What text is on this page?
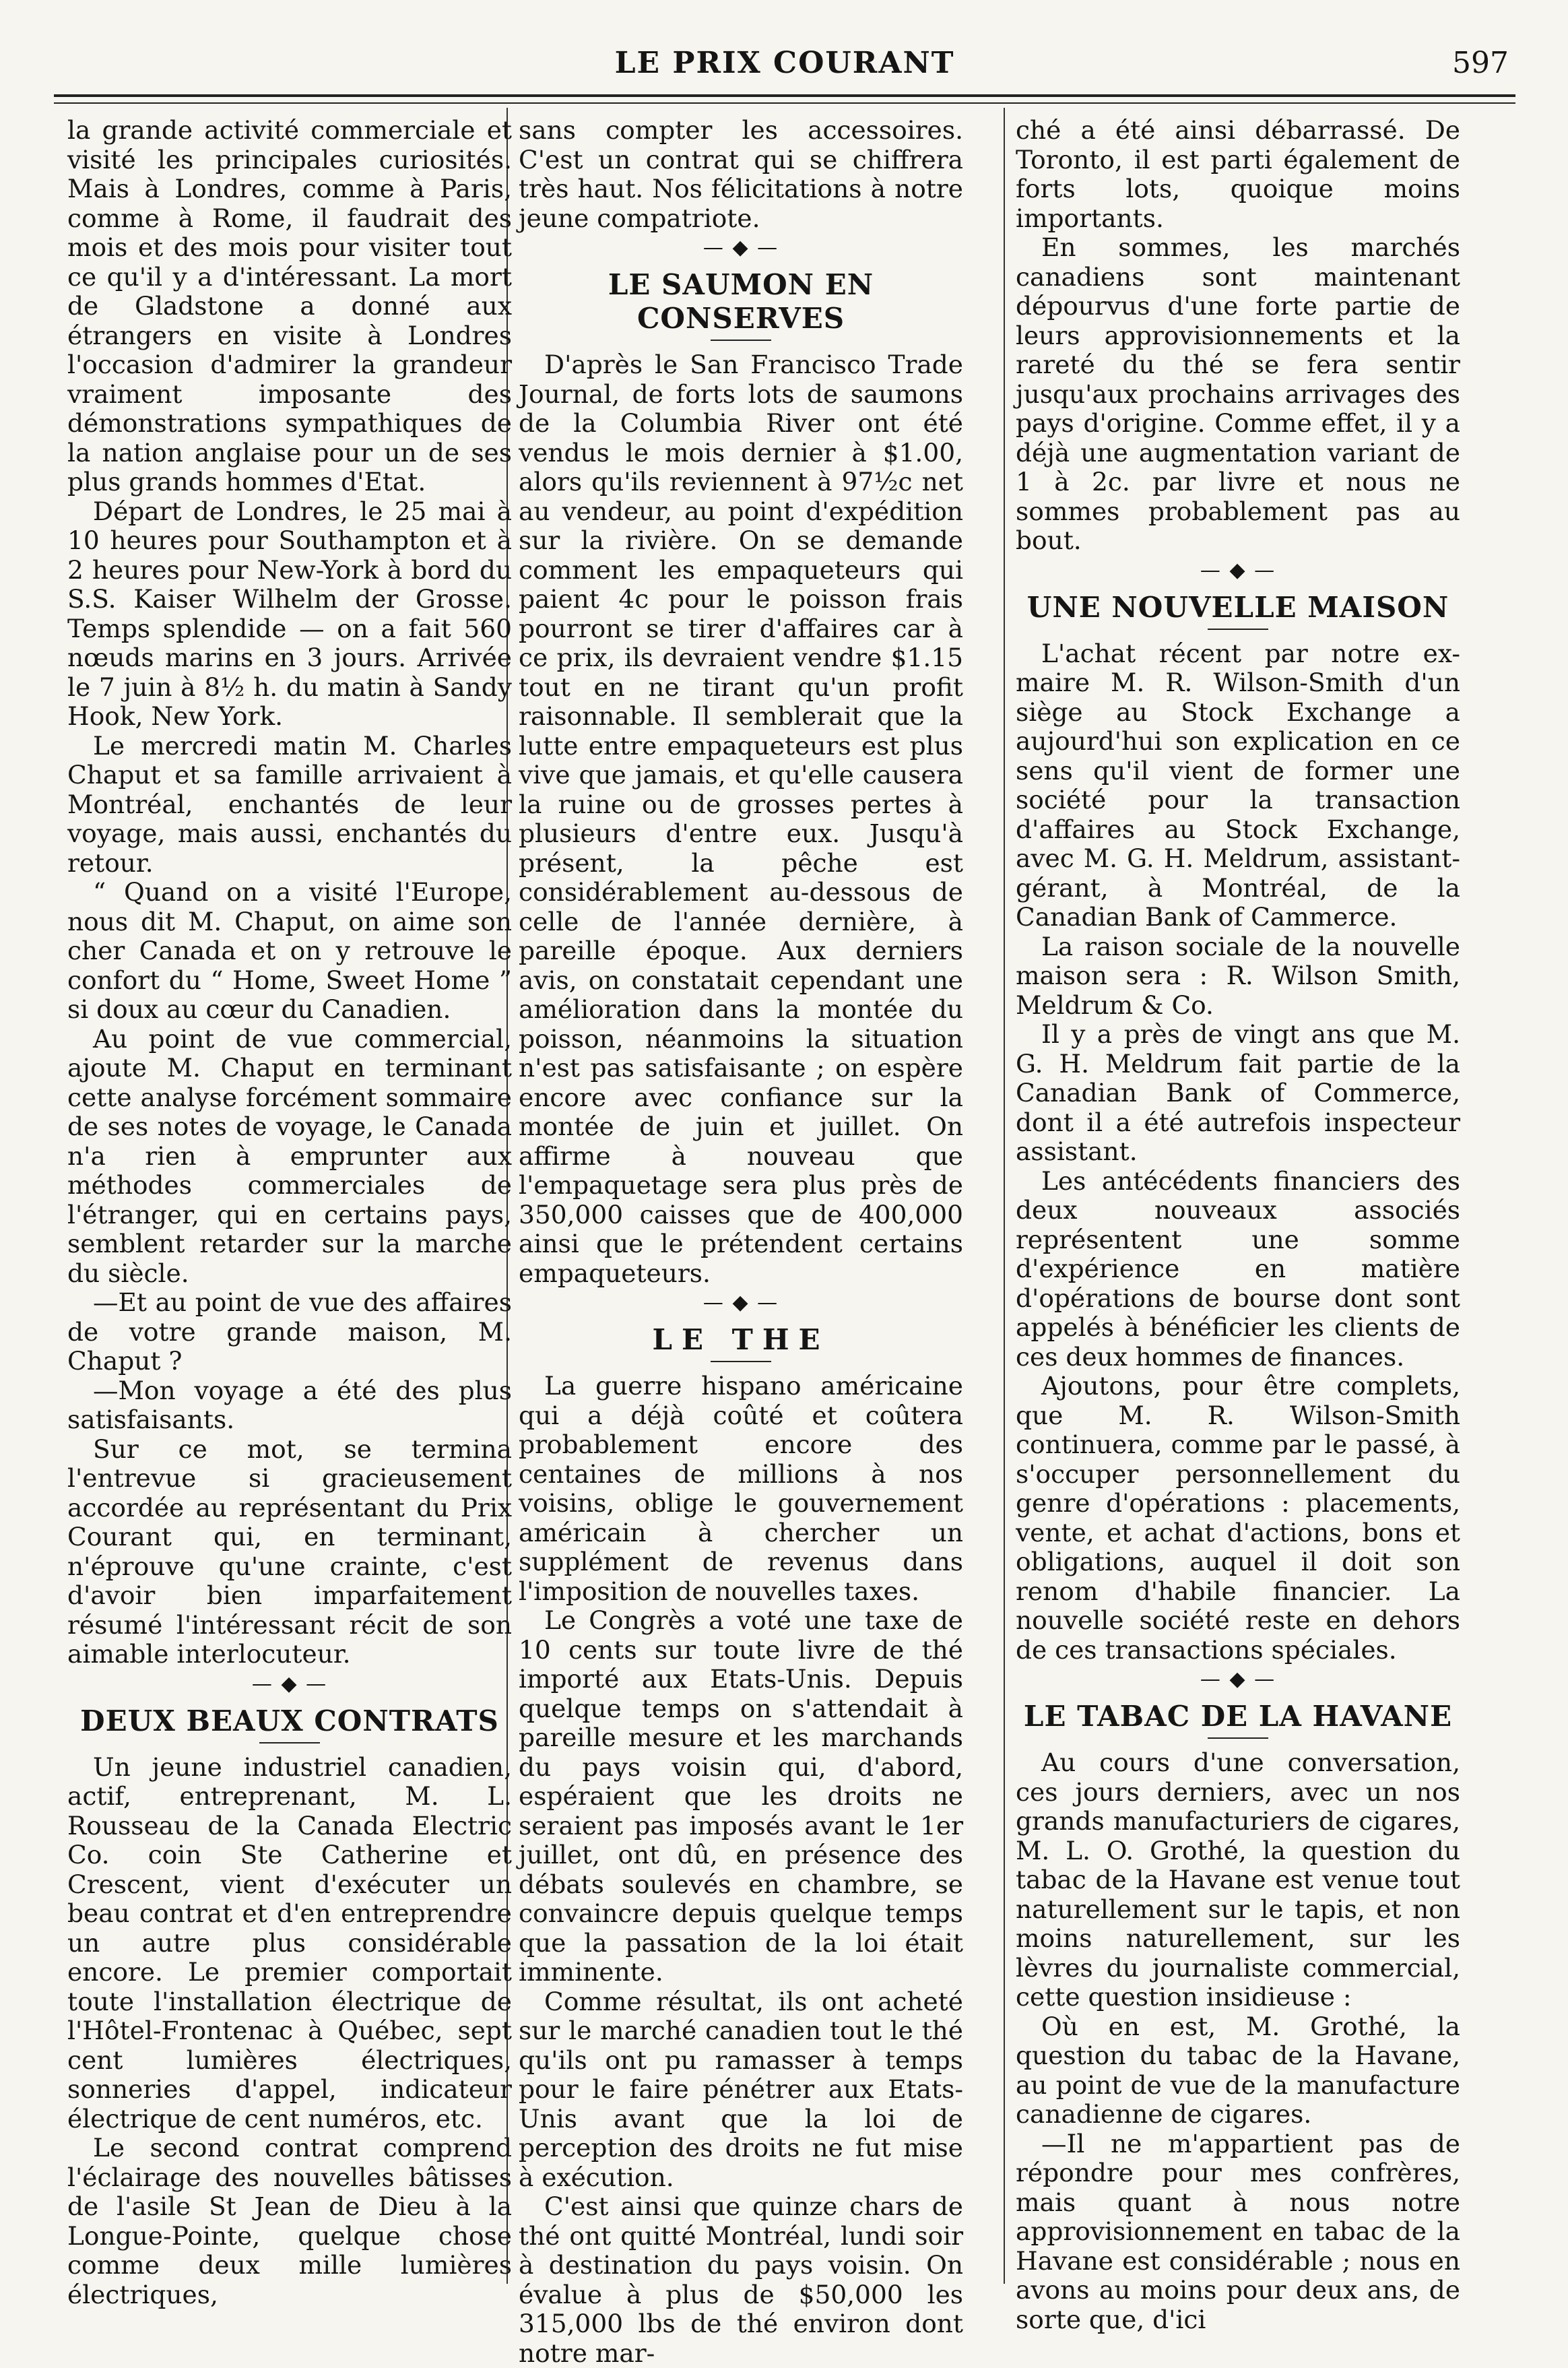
LE PRIX COURANT	597

la grande activité commerciale et visité les principales curiosités. Mais à Londres, comme à Paris, comme à Rome, il faudrait des mois et des mois pour visiter tout ce qu'il y a d'intéressant. La mort de Gladstone a donné aux étrangers en visite à Londres l'occasion d'admirer la grandeur vraiment imposante des démonstrations sympathiques de la nation anglaise pour un de ses plus grands hommes d'Etat.

Départ de Londres, le 25 mai à 10 heures pour Southampton et à 2 heures pour New-York à bord du S.S. Kaiser Wilhelm der Grosse. Temps splendide — on a fait 560 nœuds marins en 3 jours. Arrivée le 7 juin à 8½ h. du matin à Sandy Hook, New York.

Le mercredi matin M. Charles Chaput et sa famille arrivaient à Montréal, enchantés de leur voyage, mais aussi, enchantés du retour.

“ Quand on a visité l'Europe, nous dit M. Chaput, on aime son cher Canada et on y retrouve le confort du “ Home, Sweet Home ” si doux au cœur du Canadien.

Au point de vue commercial, ajoute M. Chaput en terminant cette analyse forcément sommaire de ses notes de voyage, le Canada n'a rien à emprunter aux méthodes commerciales de l'étranger, qui en certains pays, semblent retarder sur la marche du siècle.

—Et au point de vue des affaires de votre grande maison, M. Chaput ?

—Mon voyage a été des plus satisfaisants.

Sur ce mot, se termina l'entrevue si gracieusement accordée au représentant du Prix Courant qui, en terminant, n'éprouve qu'une crainte, c'est d'avoir bien imparfaitement résumé l'intéressant récit de son aimable interlocuteur.

— ◆ —
DEUX BEAUX CONTRATS

Un jeune industriel canadien, actif, entreprenant, M. L. Rousseau de la Canada Electric Co. coin Ste Catherine et Crescent, vient d'exécuter un beau contrat et d'en entreprendre un autre plus considérable encore. Le premier comportait toute l'installation électrique de l'Hôtel-Frontenac à Québec, sept cent lumières électriques, sonneries d'appel, indicateur électrique de cent numéros, etc.

Le second contrat comprend l'éclairage des nouvelles bâtisses de l'asile St Jean de Dieu à la Longue-Pointe, quelque chose comme deux mille lumières électriques,

sans compter les accessoires. C'est un contrat qui se chiffrera très haut. Nos félicitations à notre jeune compatriote.

— ◆ —
LE SAUMON EN CONSERVES

D'après le San Francisco Trade Journal, de forts lots de saumons de la Columbia River ont été vendus le mois dernier à $1.00, alors qu'ils reviennent à 97½c net au vendeur, au point d'expédition sur la rivière. On se demande comment les empaqueteurs qui paient 4c pour le poisson frais pourront se tirer d'affaires car à ce prix, ils devraient vendre $1.15 tout en ne tirant qu'un profit raisonnable. Il semblerait que la lutte entre empaqueteurs est plus vive que jamais, et qu'elle causera la ruine ou de grosses pertes à plusieurs d'entre eux. Jusqu'à présent, la pêche est considérablement au-dessous de celle de l'année dernière, à pareille époque. Aux derniers avis, on constatait cependant une amélioration dans la montée du poisson, néanmoins la situation n'est pas satisfaisante ; on espère encore avec confiance sur la montée de juin et juillet. On affirme à nouveau que l'empaquetage sera plus près de 350,000 caisses que de 400,000 ainsi que le prétendent certains empaqueteurs.

— ◆ —
LE THE

La guerre hispano américaine qui a déjà coûté et coûtera probablement encore des centaines de millions à nos voisins, oblige le gouvernement américain à chercher un supplément de revenus dans l'imposition de nouvelles taxes.

Le Congrès a voté une taxe de 10 cents sur toute livre de thé importé aux Etats-Unis. Depuis quelque temps on s'attendait à pareille mesure et les marchands du pays voisin qui, d'abord, espéraient que les droits ne seraient pas imposés avant le 1er juillet, ont dû, en présence des débats soulevés en chambre, se convaincre depuis quelque temps que la passation de la loi était imminente.

Comme résultat, ils ont acheté sur le marché canadien tout le thé qu'ils ont pu ramasser à temps pour le faire pénétrer aux Etats-Unis avant que la loi de perception des droits ne fut mise à exécution.

C'est ainsi que quinze chars de thé ont quitté Montréal, lundi soir à destination du pays voisin. On évalue à plus de $50,000 les 315,000 lbs de thé environ dont notre mar-

ché a été ainsi débarrassé. De Toronto, il est parti également de forts lots, quoique moins importants.

En sommes, les marchés canadiens sont maintenant dépourvus d'une forte partie de leurs approvisionnements et la rareté du thé se fera sentir jusqu'aux prochains arrivages des pays d'origine. Comme effet, il y a déjà une augmentation variant de 1 à 2c. par livre et nous ne sommes probablement pas au bout.

— ◆ —
UNE NOUVELLE MAISON

L'achat récent par notre ex-maire M. R. Wilson-Smith d'un siège au Stock Exchange a aujourd'hui son explication en ce sens qu'il vient de former une société pour la transaction d'affaires au Stock Exchange, avec M. G. H. Meldrum, assistant-gérant, à Montréal, de la Canadian Bank of Cammerce.

La raison sociale de la nouvelle maison sera : R. Wilson Smith, Meldrum & Co.

Il y a près de vingt ans que M. G. H. Meldrum fait partie de la Canadian Bank of Commerce, dont il a été autrefois inspecteur assistant.

Les antécédents financiers des deux nouveaux associés représentent une somme d'expérience en matière d'opérations de bourse dont sont appelés à bénéficier les clients de ces deux hommes de finances.

Ajoutons, pour être complets, que M. R. Wilson-Smith continuera, comme par le passé, à s'occuper personnellement du genre d'opérations : placements, vente, et achat d'actions, bons et obligations, auquel il doit son renom d'habile financier. La nouvelle société reste en dehors de ces transactions spéciales.

— ◆ —
LE TABAC DE LA HAVANE

Au cours d'une conversation, ces jours derniers, avec un nos grands manufacturiers de cigares, M. L. O. Grothé, la question du tabac de la Havane est venue tout naturellement sur le tapis, et non moins naturellement, sur les lèvres du journaliste commercial, cette question insidieuse :

Où en est, M. Grothé, la question du tabac de la Havane, au point de vue de la manufacture canadienne de cigares.

—Il ne m'appartient pas de répondre pour mes confrères, mais quant à nous notre approvisionnement en tabac de la Havane est considérable ; nous en avons au moins pour deux ans, de sorte que, d'ici
